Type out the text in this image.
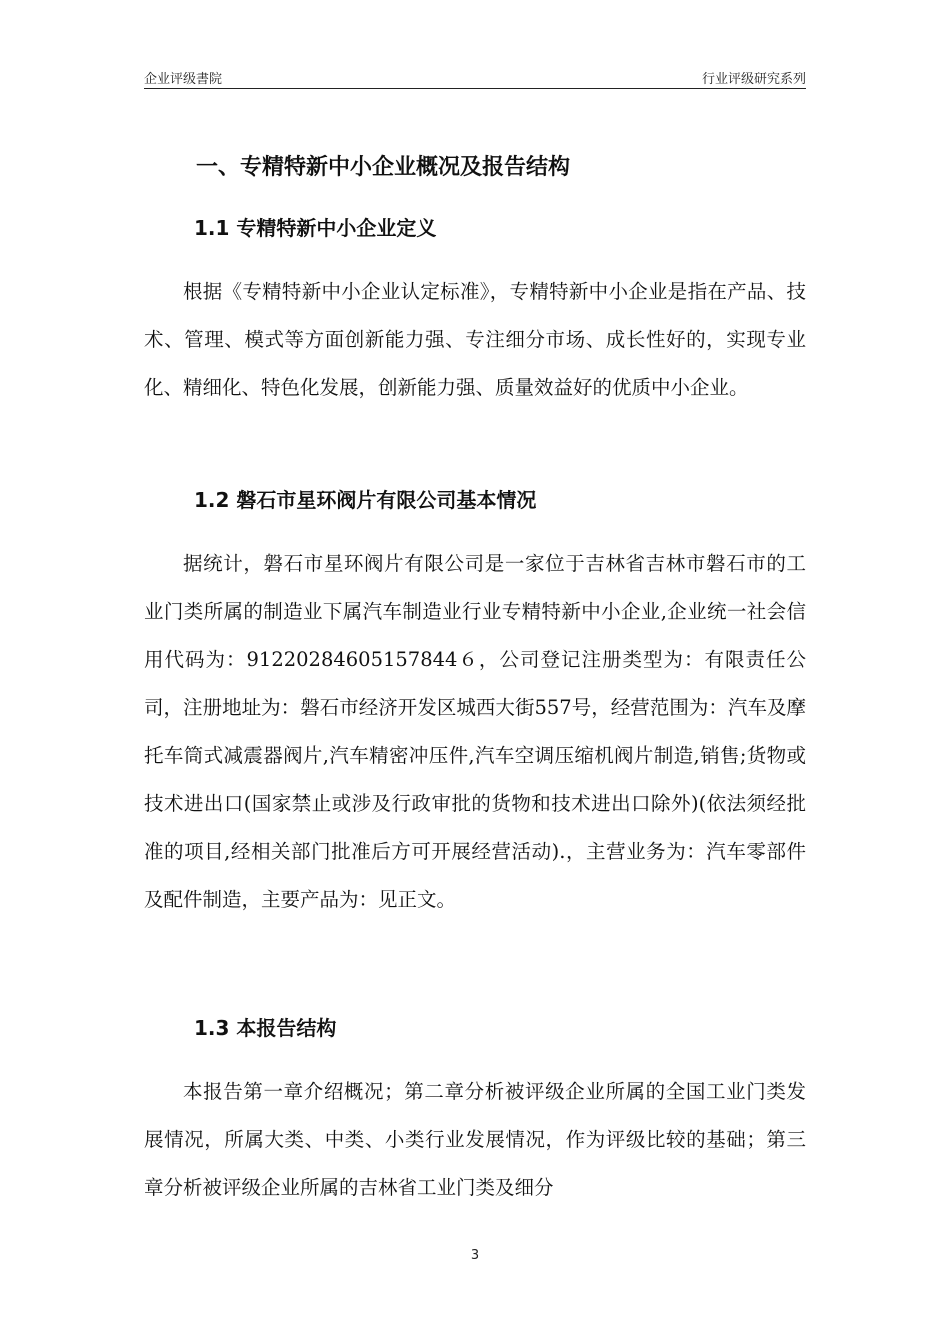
企业评级書院	行业评级研究系列
一、专精特新中小企业概况及报告结构
1.1 专精特新中小企业定义
根据《专精特新中小企业认定标准》，专精特新中小企业是指在产品、技术、管理、模式等方面创新能力强、专注细分市场、成长性好的，实现专业化、精细化、特色化发展，创新能力强、质量效益好的优质中小企业。
1.2 磐石市星环阀片有限公司基本情况
据统计，磐石市星环阀片有限公司是一家位于吉林省吉林市磐石市的工业门类所属的制造业下属汽车制造业行业专精特新中小企业,企业统一社会信用代码为：91220284605157844６，公司登记注册类型为：有限责任公司，注册地址为：磐石市经济开发区城西大街557号，经营范围为：汽车及摩托车筒式减震器阀片,汽车精密冲压件,汽车空调压缩机阀片制造,销售;货物或技术进出口(国家禁止或涉及行政审批的货物和技术进出口除外)(依法须经批准的项目,经相关部门批准后方可开展经营活动).，主营业务为：汽车零部件及配件制造，主要产品为：见正文。
1.3 本报告结构
本报告第一章介绍概况；第二章分析被评级企业所属的全国工业门类发展情况，所属大类、中类、小类行业发展情况，作为评级比较的基础；第三章分析被评级企业所属的吉林省工业门类及细分
3
